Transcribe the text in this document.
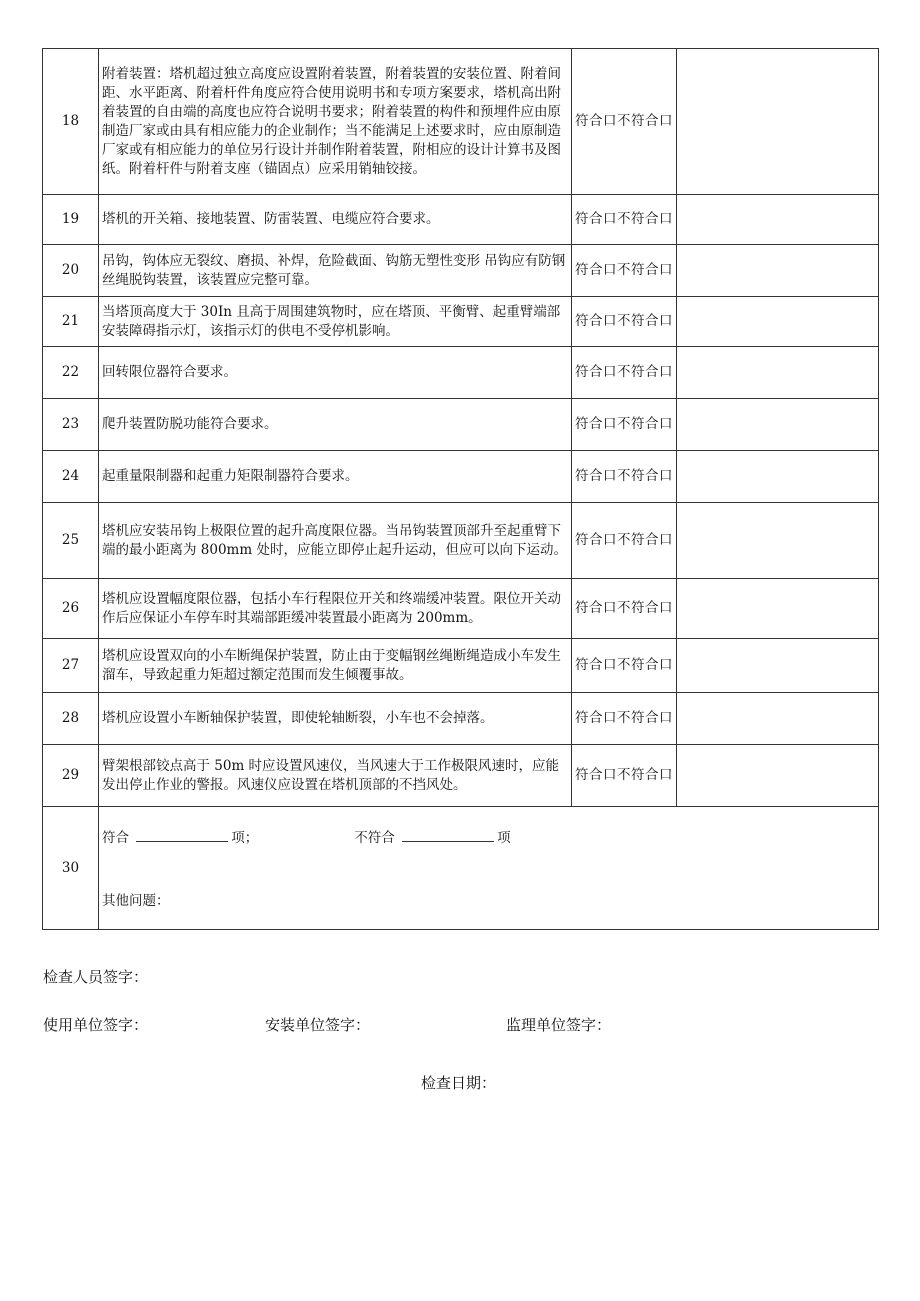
18	附着装置：塔机超过独立高度应设置附着装置，附着装置的安装位置、附着间距、水平距离、附着杆件角度应符合使用说明书和专项方案要求，塔机高出附着装置的自由端的高度也应符合说明书要求；附着装置的构件和预埋件应由原制造厂家或由具有相应能力的企业制作；当不能满足上述要求时，应由原制造厂家或有相应能力的单位另行设计并制作附着装置，附相应的设计计算书及图纸。附着杆件与附着支座（锚固点）应采用销轴铰接。	符合口不符合口	
19	塔机的开关箱、接地装置、防雷装置、电缆应符合要求。	符合口不符合口	
20	吊钩，钩体应无裂纹、磨损、补焊，危险截面、钩筋无塑性变形 吊钩应有防钢丝绳脱钩装置，该装置应完整可靠。	符合口不符合口	
21	当塔顶高度大于 30In 且高于周围建筑物时，应在塔顶、平衡臂、起重臂端部安装障碍指示灯，该指示灯的供电不受停机影响。	符合口不符合口	
22	回转限位器符合要求。	符合口不符合口	
23	爬升装置防脱功能符合要求。	符合口不符合口	
24	起重量限制器和起重力矩限制器符合要求。	符合口不符合口	
25	塔机应安装吊钩上极限位置的起升高度限位器。当吊钩装置顶部升至起重臂下端的最小距离为 800mm 处时，应能立即停止起升运动，但应可以向下运动。	符合口不符合口	
26	塔机应设置幅度限位器，包括小车行程限位开关和终端缓冲装置。限位开关动作后应保证小车停车时其端部距缓冲装置最小距离为 200mm。	符合口不符合口	
27	塔机应设置双向的小车断绳保护装置，防止由于变幅钢丝绳断绳造成小车发生溜车，导致起重力矩超过额定范围而发生倾覆事故。	符合口不符合口	
28	塔机应设置小车断轴保护装置，即使轮轴断裂，小车也不会掉落。	符合口不符合口	
29	臂架根部铰点高于 50m 时应设置风速仪，当风速大于工作极限风速时，应能发出停止作业的警报。风速仪应设置在塔机顶部的不挡风处。	符合口不符合口	
30	符合 项； 不符合 项
其他问题：		
检查人员签字：
使用单位签字：	安装单位签字：	监理单位签字：
检查日期：
